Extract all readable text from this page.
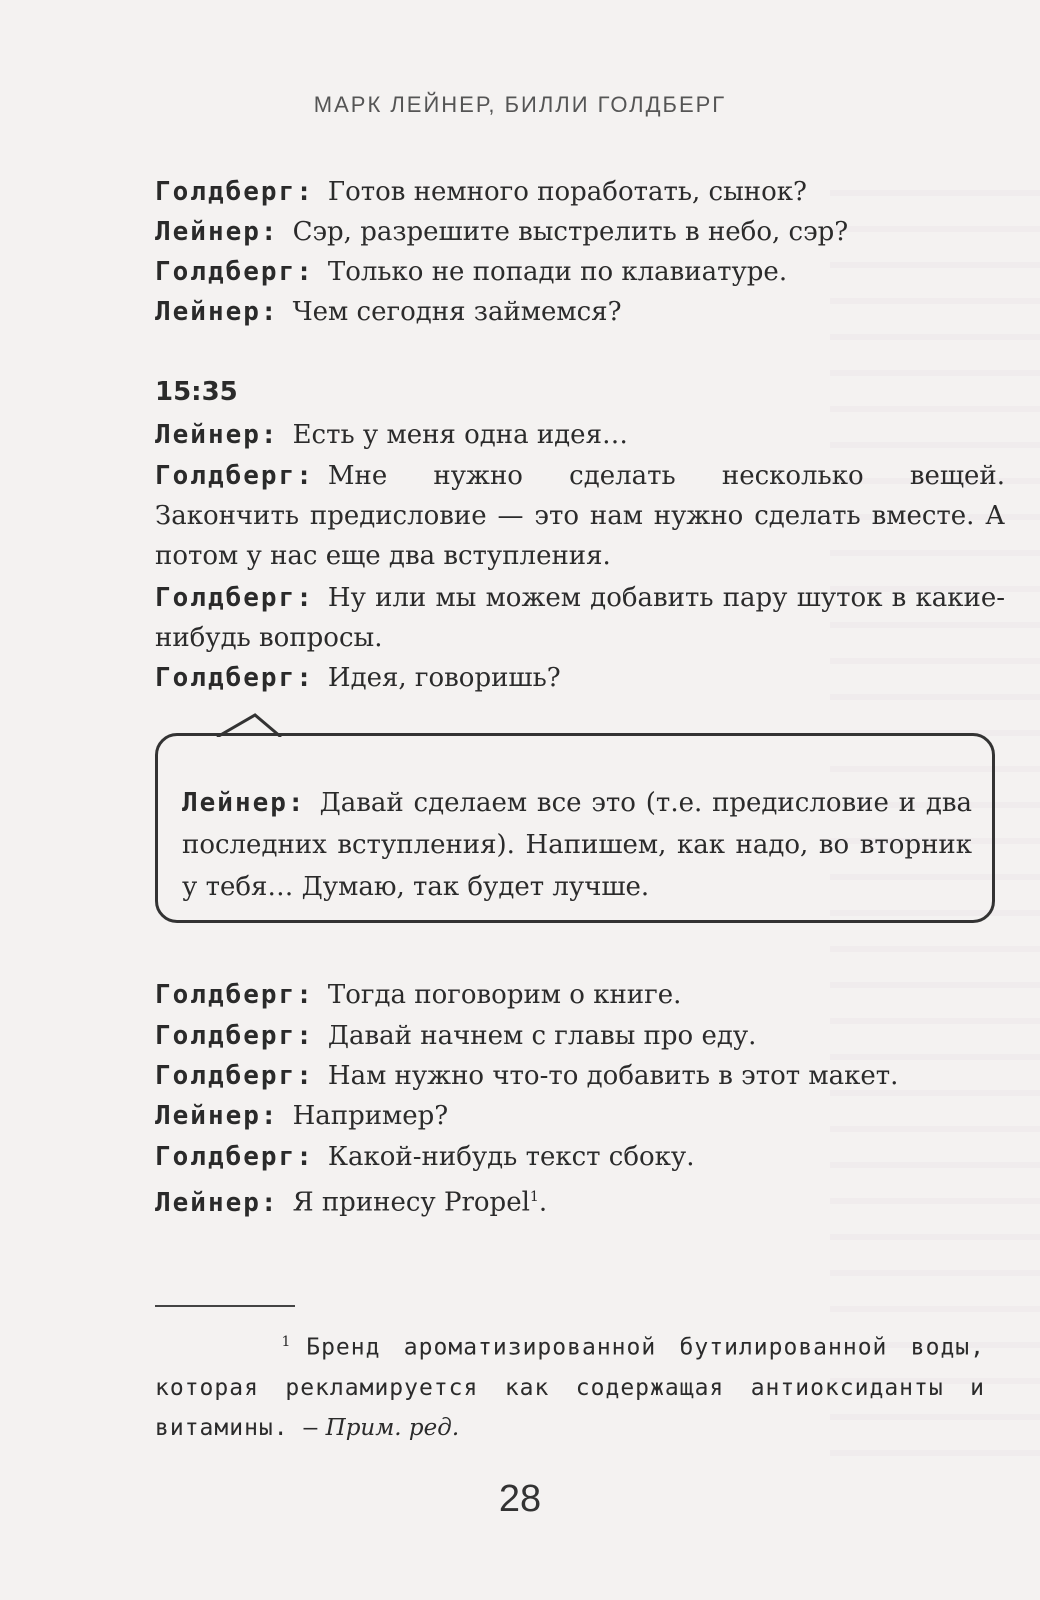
МАРК ЛЕЙНЕР, БИЛЛИ ГОЛДБЕРГ
Голдберг: Готов немного поработать, сынок?
Лейнер: Сэр, разрешите выстрелить в небо, сэр?
Голдберг: Только не попади по клавиатуре.
Лейнер: Чем сегодня займемся?
15:35
Лейнер: Есть у меня одна идея…
Голдберг: Мне нужно сделать несколько вещей. Закончить предисловие — это нам нужно сделать вместе. А потом у нас еще два вступления.
Голдберг: Ну или мы можем добавить пару шуток в какие-нибудь вопросы.
Голдберг: Идея, говоришь?
Лейнер: Давай сделаем все это (т.е. предисловие и два последних вступления). Напишем, как надо, во вторник у тебя… Думаю, так будет лучше.
Голдберг: Тогда поговорим о книге.
Голдберг: Давай начнем с главы про еду.
Голдберг: Нам нужно что-то добавить в этот макет.
Лейнер: Например?
Голдберг: Какой-нибудь текст сбоку.
Лейнер: Я принесу Propel$^1$.
$^1$ Бренд ароматизированной бутилированной воды, которая рекламируется как содержащая антиоксиданты и витамины. — Прим. ред.
28
